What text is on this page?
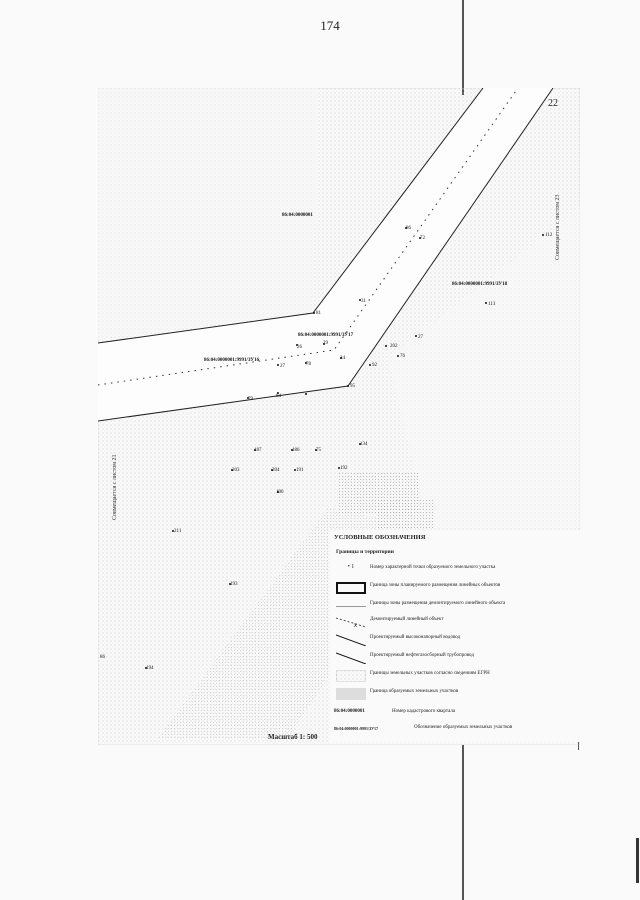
174
22
Совмещается с листом 23
Совмещается с листом 21
86:04:0000001
86:04:0000001:9991/ЗУ18
86:04:0000001:9991/ЗУ17
86:04:0000001:9991/ЗУ16
86
86
72
112
81
31
113
202
27
26
29
24
92
76
27	78
95
79
84
187	186	75
134
203	204	191	192
190
211
193
194
УСЛОВНЫЕ ОБОЗНАЧЕНИЯ
Границы и территории
• 1	Номер характерной точки образуемого земельного участка
Граница зоны планируемого размещения линейных объектов
Границы зоны размещения демонтируемого линейного объекта
x
Демонтируемый линейный объект
Проектируемый высоконапорный водовод
Проектируемый нефтегазосборный трубопровод
Границы земельных участков согласно сведениям ЕГРН
Граница образуемых земельных участков
86:04:0000001	Номер кадастрового квартала
86:04:0000001:9991/ЗУ17	Обозначение образуемых земельных участков
Масштаб 1: 500
